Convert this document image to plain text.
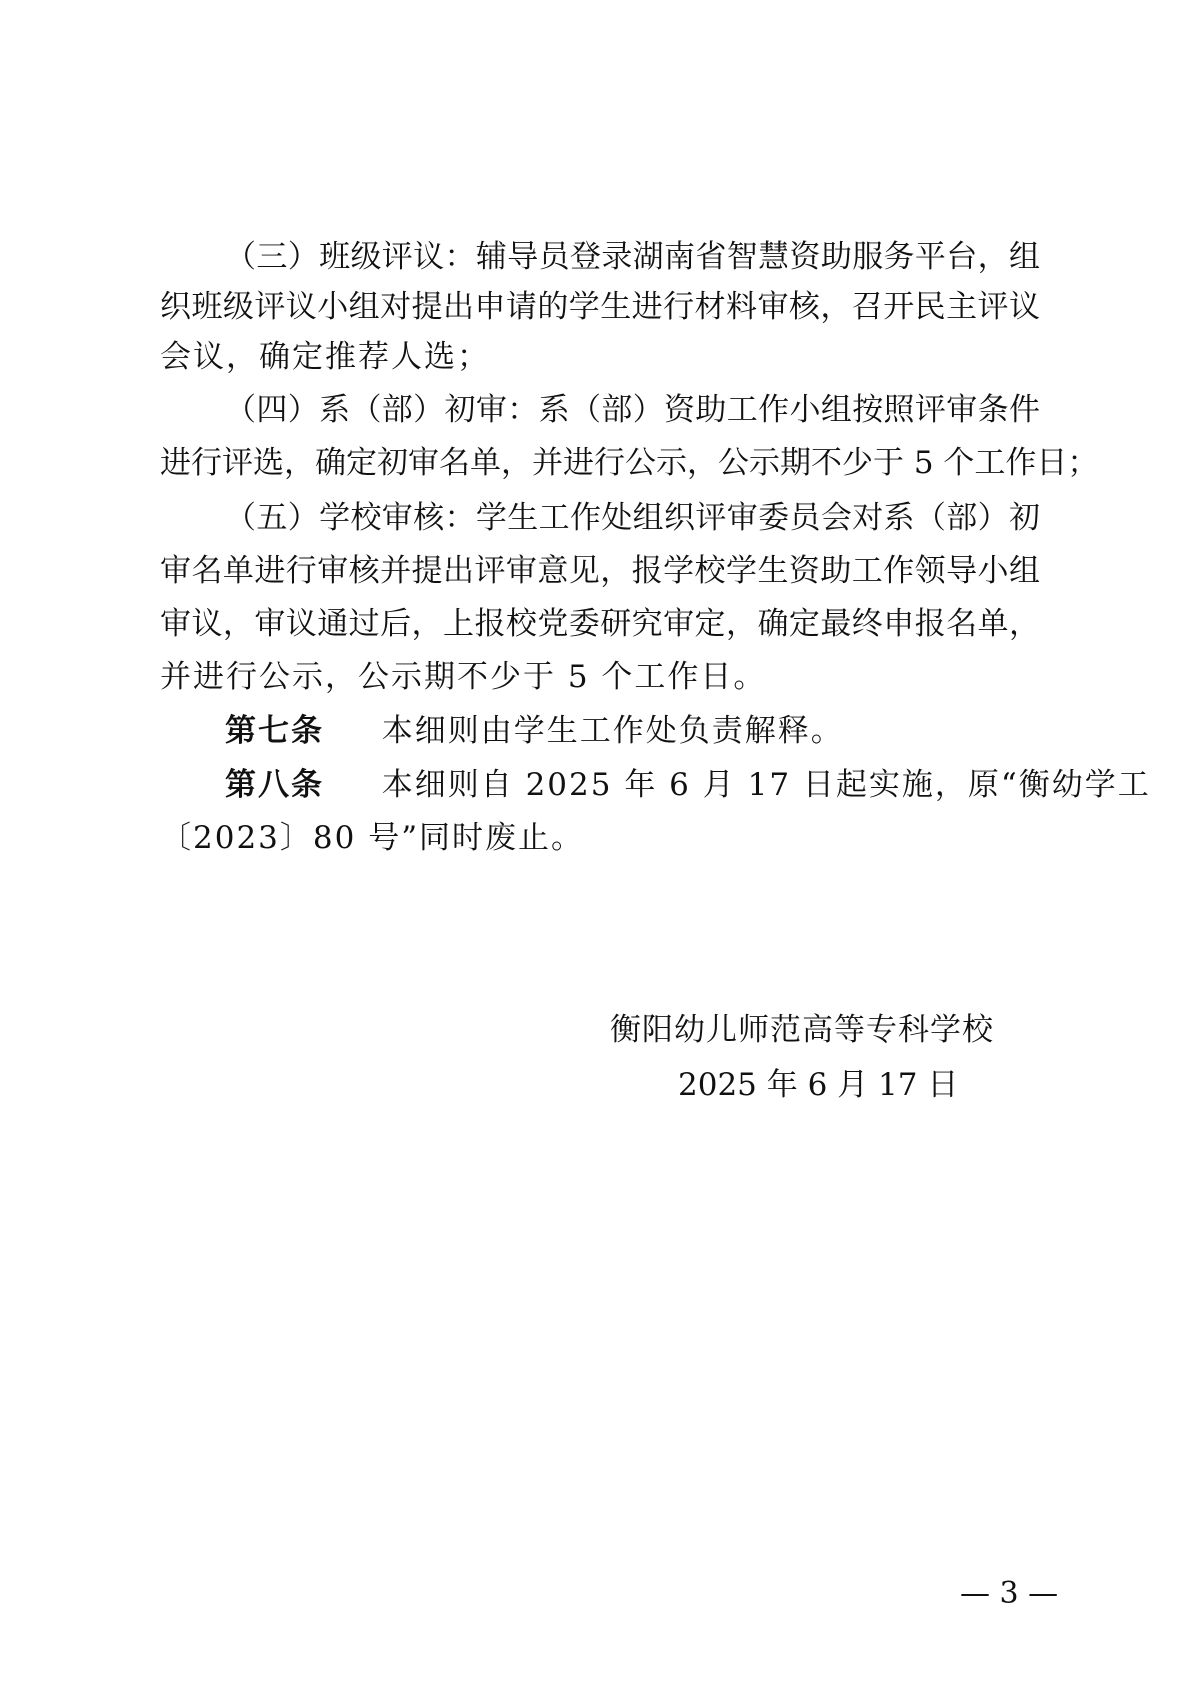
（三）班级评议：辅导员登录湖南省智慧资助服务平台，组
织班级评议小组对提出申请的学生进行材料审核，召开民主评议
会议，确定推荐人选；
（四）系（部）初审：系（部）资助工作小组按照评审条件
进行评选，确定初审名单，并进行公示，公示期不少于 5 个工作日；
（五）学校审核：学生工作处组织评审委员会对系（部）初
审名单进行审核并提出评审意见，报学校学生资助工作领导小组
审议，审议通过后，上报校党委研究审定，确定最终申报名单，
并进行公示，公示期不少于 5 个工作日。
第七条 本细则由学生工作处负责解释。
第八条 本细则自 2025 年 6 月 17 日起实施，原“衡幼学工
〔2023〕80 号”同时废止。
衡阳幼儿师范高等专科学校
2025 年 6 月 17 日
— 3 —
